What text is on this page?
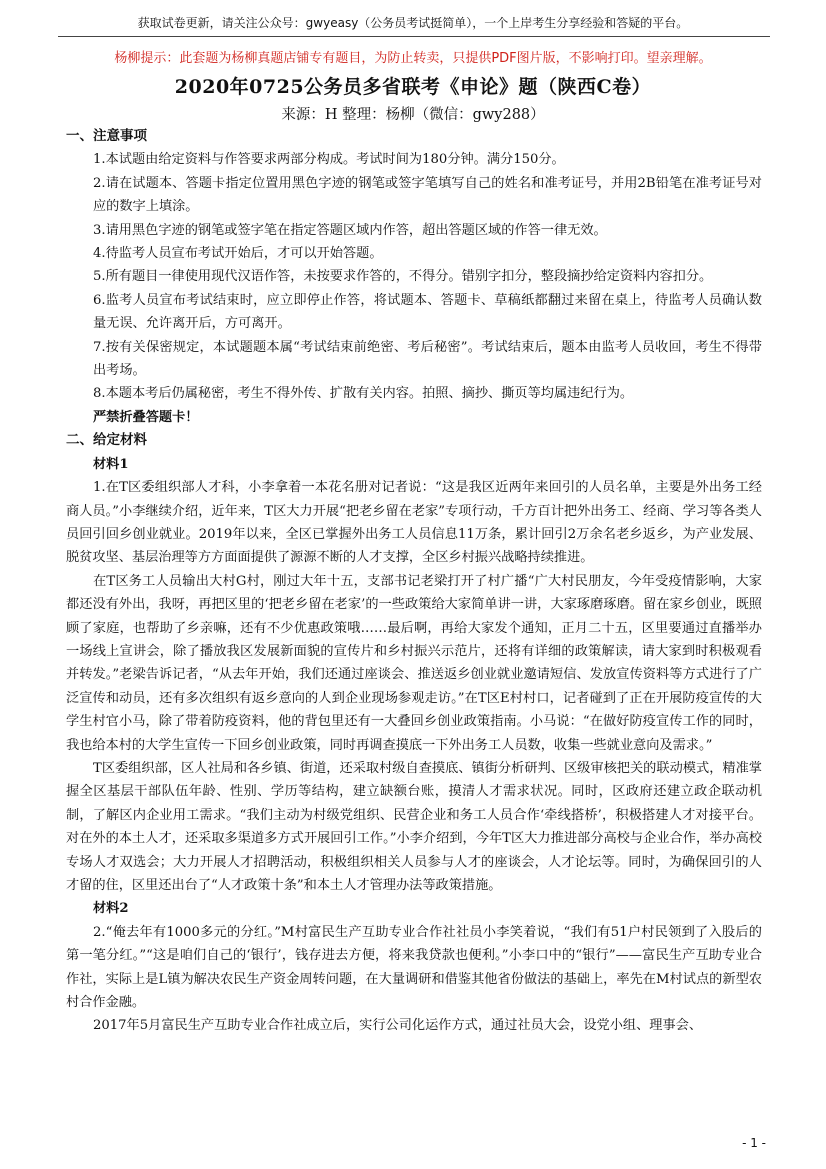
获取试卷更新，请关注公众号：gwyeasy（公务员考试挺简单），一个上岸考生分享经验和答疑的平台。
杨柳提示：此套题为杨柳真题店铺专有题目，为防止转卖，只提供PDF图片版，不影响打印。望亲理解。
2020年0725公务员多省联考《申论》题（陕西C卷）
来源：H 整理：杨柳（微信：gwy288）

一、注意事项

1.本试题由给定资料与作答要求两部分构成。考试时间为180分钟。满分150分。

2.请在试题本、答题卡指定位置用黑色字迹的钢笔或签字笔填写自己的姓名和准考证号，并用2B铅笔在准考证号对应的数字上填涂。

3.请用黑色字迹的钢笔或签字笔在指定答题区域内作答，超出答题区域的作答一律无效。

4.待监考人员宣布考试开始后，才可以开始答题。

5.所有题目一律使用现代汉语作答，未按要求作答的，不得分。错别字扣分，整段摘抄给定资料内容扣分。

6.监考人员宣布考试结束时，应立即停止作答，将试题本、答题卡、草稿纸都翻过来留在桌上，待监考人员确认数量无误、允许离开后，方可离开。

7.按有关保密规定，本试题题本属“考试结束前绝密、考后秘密”。考试结束后，题本由监考人员收回，考生不得带出考场。

8.本题本考后仍属秘密，考生不得外传、扩散有关内容。拍照、摘抄、撕页等均属违纪行为。

严禁折叠答题卡！

二、给定材料

材料1

1.在T区委组织部人才科，小李拿着一本花名册对记者说：“这是我区近两年来回引的人员名单，主要是外出务工经商人员。”小李继续介绍，近年来，T区大力开展“把老乡留在老家”专项行动，千方百计把外出务工、经商、学习等各类人员回引回乡创业就业。2019年以来，全区已掌握外出务工人员信息11万条，累计回引2万余名老乡返乡，为产业发展、脱贫攻坚、基层治理等方方面面提供了源源不断的人才支撑，全区乡村振兴战略持续推进。

在T区务工人员输出大村G村，刚过大年十五，支部书记老梁打开了村广播“广大村民朋友，今年受疫情影响，大家都还没有外出，我呀，再把区里的‘把老乡留在老家’的一些政策给大家简单讲一讲，大家琢磨琢磨。留在家乡创业，既照顾了家庭，也帮助了乡亲嘛，还有不少优惠政策哦……最后啊，再给大家发个通知，正月二十五，区里要通过直播举办一场线上宣讲会，除了播放我区发展新面貌的宣传片和乡村振兴示范片，还将有详细的政策解读，请大家到时积极观看并转发。”老梁告诉记者，“从去年开始，我们还通过座谈会、推送返乡创业就业邀请短信、发放宣传资料等方式进行了广泛宣传和动员，还有多次组织有返乡意向的人到企业现场参观走访。”在T区E村村口，记者碰到了正在开展防疫宣传的大学生村官小马，除了带着防疫资料，他的背包里还有一大叠回乡创业政策指南。小马说：“在做好防疫宣传工作的同时，我也给本村的大学生宣传一下回乡创业政策，同时再调查摸底一下外出务工人员数，收集一些就业意向及需求。”

T区委组织部，区人社局和各乡镇、街道，还采取村级自查摸底、镇街分析研判、区级审核把关的联动模式，精准掌握全区基层干部队伍年龄、性别、学历等结构，建立缺额台账，摸清人才需求状况。同时，区政府还建立政企联动机制，了解区内企业用工需求。“我们主动为村级党组织、民营企业和务工人员合作‘牵线搭桥’，积极搭建人才对接平台。对在外的本土人才，还采取多渠道多方式开展回引工作。”小李介绍到，今年T区大力推进部分高校与企业合作，举办高校专场人才双选会；大力开展人才招聘活动，积极组织相关人员参与人才的座谈会，人才论坛等。同时，为确保回引的人才留的住，区里还出台了“人才政策十条”和本土人才管理办法等政策措施。

材料2

2.“俺去年有1000多元的分红。”M村富民生产互助专业合作社社员小李笑着说，“我们有51户村民领到了入股后的第一笔分红。”“这是咱们自己的‘银行’，钱存进去方便，将来我贷款也便利。”小李口中的“银行”——富民生产互助专业合作社，实际上是L镇为解决农民生产资金周转问题，在大量调研和借鉴其他省份做法的基础上，率先在M村试点的新型农村合作金融。

2017年5月富民生产互助专业合作社成立后，实行公司化运作方式，通过社员大会，设党小组、理事会、

- 1 -
